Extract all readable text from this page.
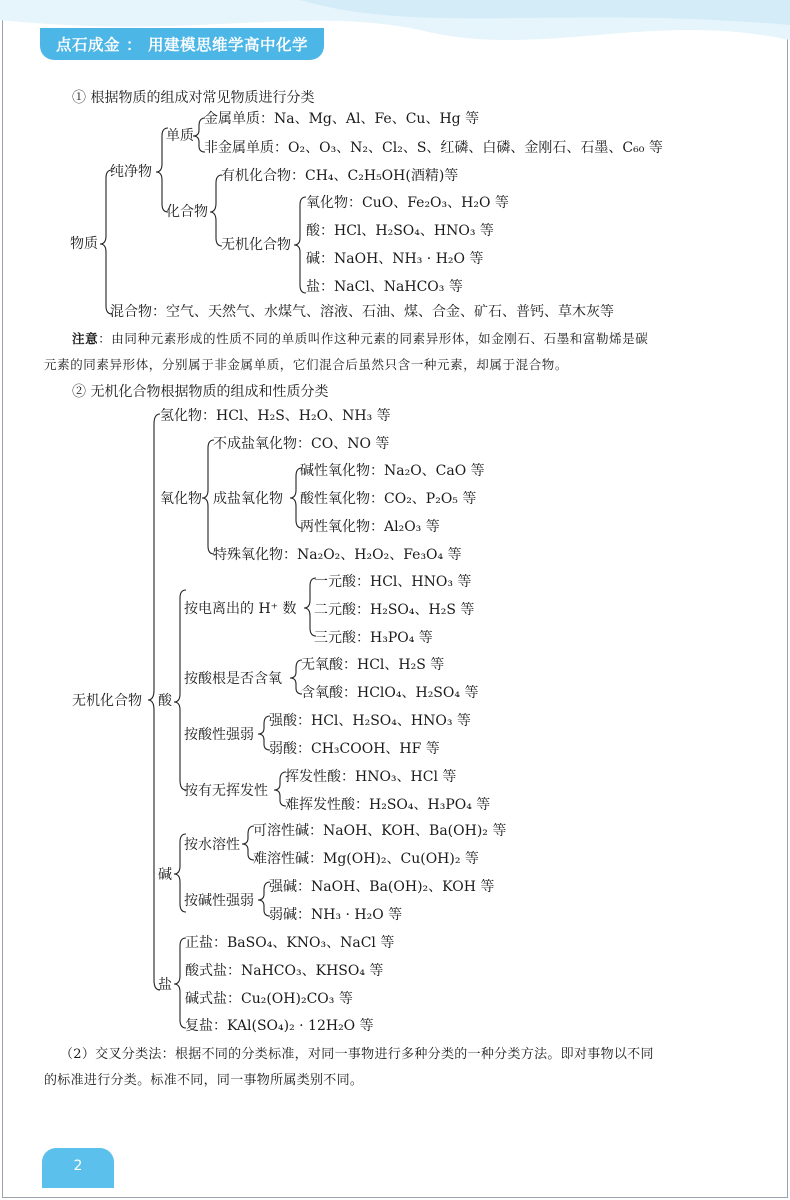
点石成金 ： 用建模思维学高中化学
① 根据物质的组成对常见物质进行分类
物质
纯净物
单质
金属单质：Na、Mg、Al、Fe、Cu、Hg 等
非金属单质：O₂、O₃、N₂、Cl₂、S、红磷、白磷、金刚石、石墨、C₆₀ 等
化合物
有机化合物：CH₄、C₂H₅OH(酒精)等
无机化合物
氧化物：CuO、Fe₂O₃、H₂O 等
酸：HCl、H₂SO₄、HNO₃ 等
碱：NaOH、NH₃ · H₂O 等
盐：NaCl、NaHCO₃ 等
混合物：空气、天然气、水煤气、溶液、石油、煤、合金、矿石、普钙、草木灰等
注意：由同种元素形成的性质不同的单质叫作这种元素的同素异形体，如金刚石、石墨和富勒烯是碳
元素的同素异形体，分别属于非金属单质，它们混合后虽然只含一种元素，却属于混合物。
② 无机化合物根据物质的组成和性质分类
无机化合物
氢化物：HCl、H₂S、H₂O、NH₃ 等
氧化物
不成盐氧化物：CO、NO 等
成盐氧化物
碱性氧化物：Na₂O、CaO 等
酸性氧化物：CO₂、P₂O₅ 等
两性氧化物：Al₂O₃ 等
特殊氧化物：Na₂O₂、H₂O₂、Fe₃O₄ 等
酸
按电离出的 H⁺ 数
一元酸：HCl、HNO₃ 等
二元酸：H₂SO₄、H₂S 等
三元酸：H₃PO₄ 等
按酸根是否含氧
无氧酸：HCl、H₂S 等
含氧酸：HClO₄、H₂SO₄ 等
按酸性强弱
强酸：HCl、H₂SO₄、HNO₃ 等
弱酸：CH₃COOH、HF 等
按有无挥发性
挥发性酸：HNO₃、HCl 等
难挥发性酸：H₂SO₄、H₃PO₄ 等
碱
按水溶性
可溶性碱：NaOH、KOH、Ba(OH)₂ 等
难溶性碱：Mg(OH)₂、Cu(OH)₂ 等
按碱性强弱
强碱：NaOH、Ba(OH)₂、KOH 等
弱碱：NH₃ · H₂O 等
盐
正盐：BaSO₄、KNO₃、NaCl 等
酸式盐：NaHCO₃、KHSO₄ 等
碱式盐：Cu₂(OH)₂CO₃ 等
复盐：KAl(SO₄)₂ · 12H₂O 等
（2）交叉分类法：根据不同的分类标准，对同一事物进行多种分类的一种分类方法。即对事物以不同
的标准进行分类。标准不同，同一事物所属类别不同。
2
